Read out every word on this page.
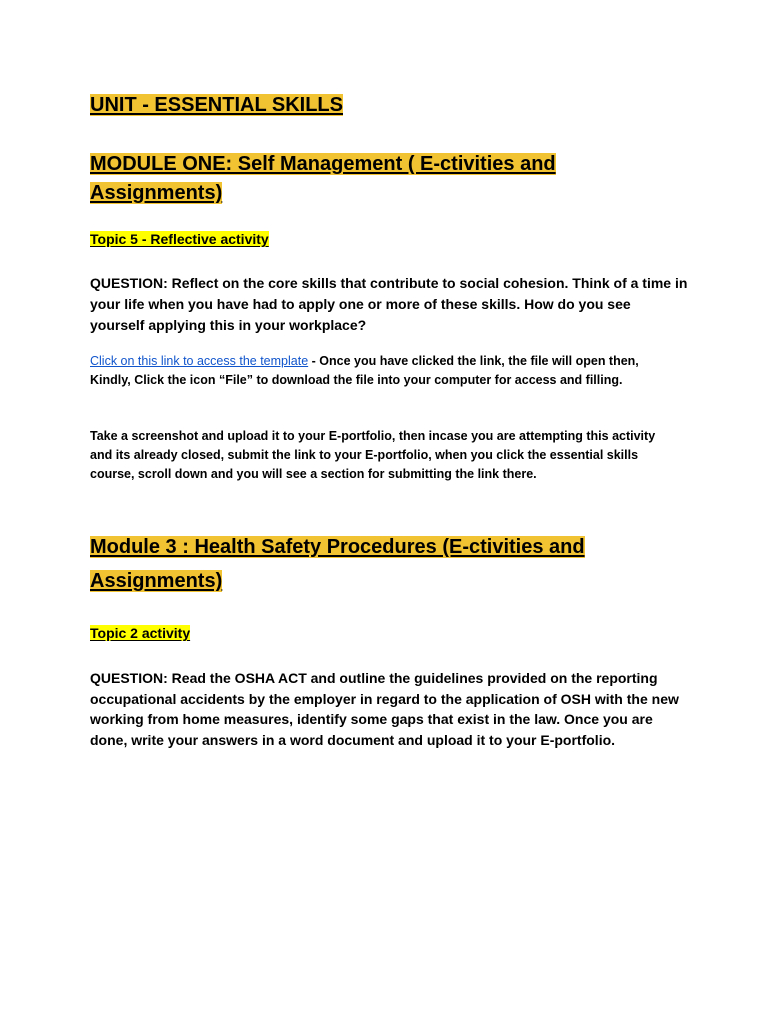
UNIT - ESSENTIAL SKILLS
MODULE ONE: Self Management ( E-ctivities and Assignments)
Topic 5 - Reflective activity

QUESTION: Reflect on the core skills that contribute to social cohesion. Think of a time in your life when you have had to apply one or more of these skills. How do you see yourself applying this in your workplace?

Click on this link to access the template - Once you have clicked the link, the file will open then, Kindly, Click the icon “File” to download the file into your computer for access and filling.

Take a screenshot and upload it to your E-portfolio, then incase you are attempting this activity and its already closed, submit the link to your E-portfolio, when you click the essential skills course, scroll down and you will see a section for submitting the link there.

Module 3 : Health Safety Procedures (E-ctivities and Assignments)
Topic 2 activity

QUESTION: Read the OSHA ACT and outline the guidelines provided on the reporting occupational accidents by the employer in regard to the application of OSH with the new working from home measures, identify some gaps that exist in the law. Once you are done, write your answers in a word document and upload it to your E-portfolio.
